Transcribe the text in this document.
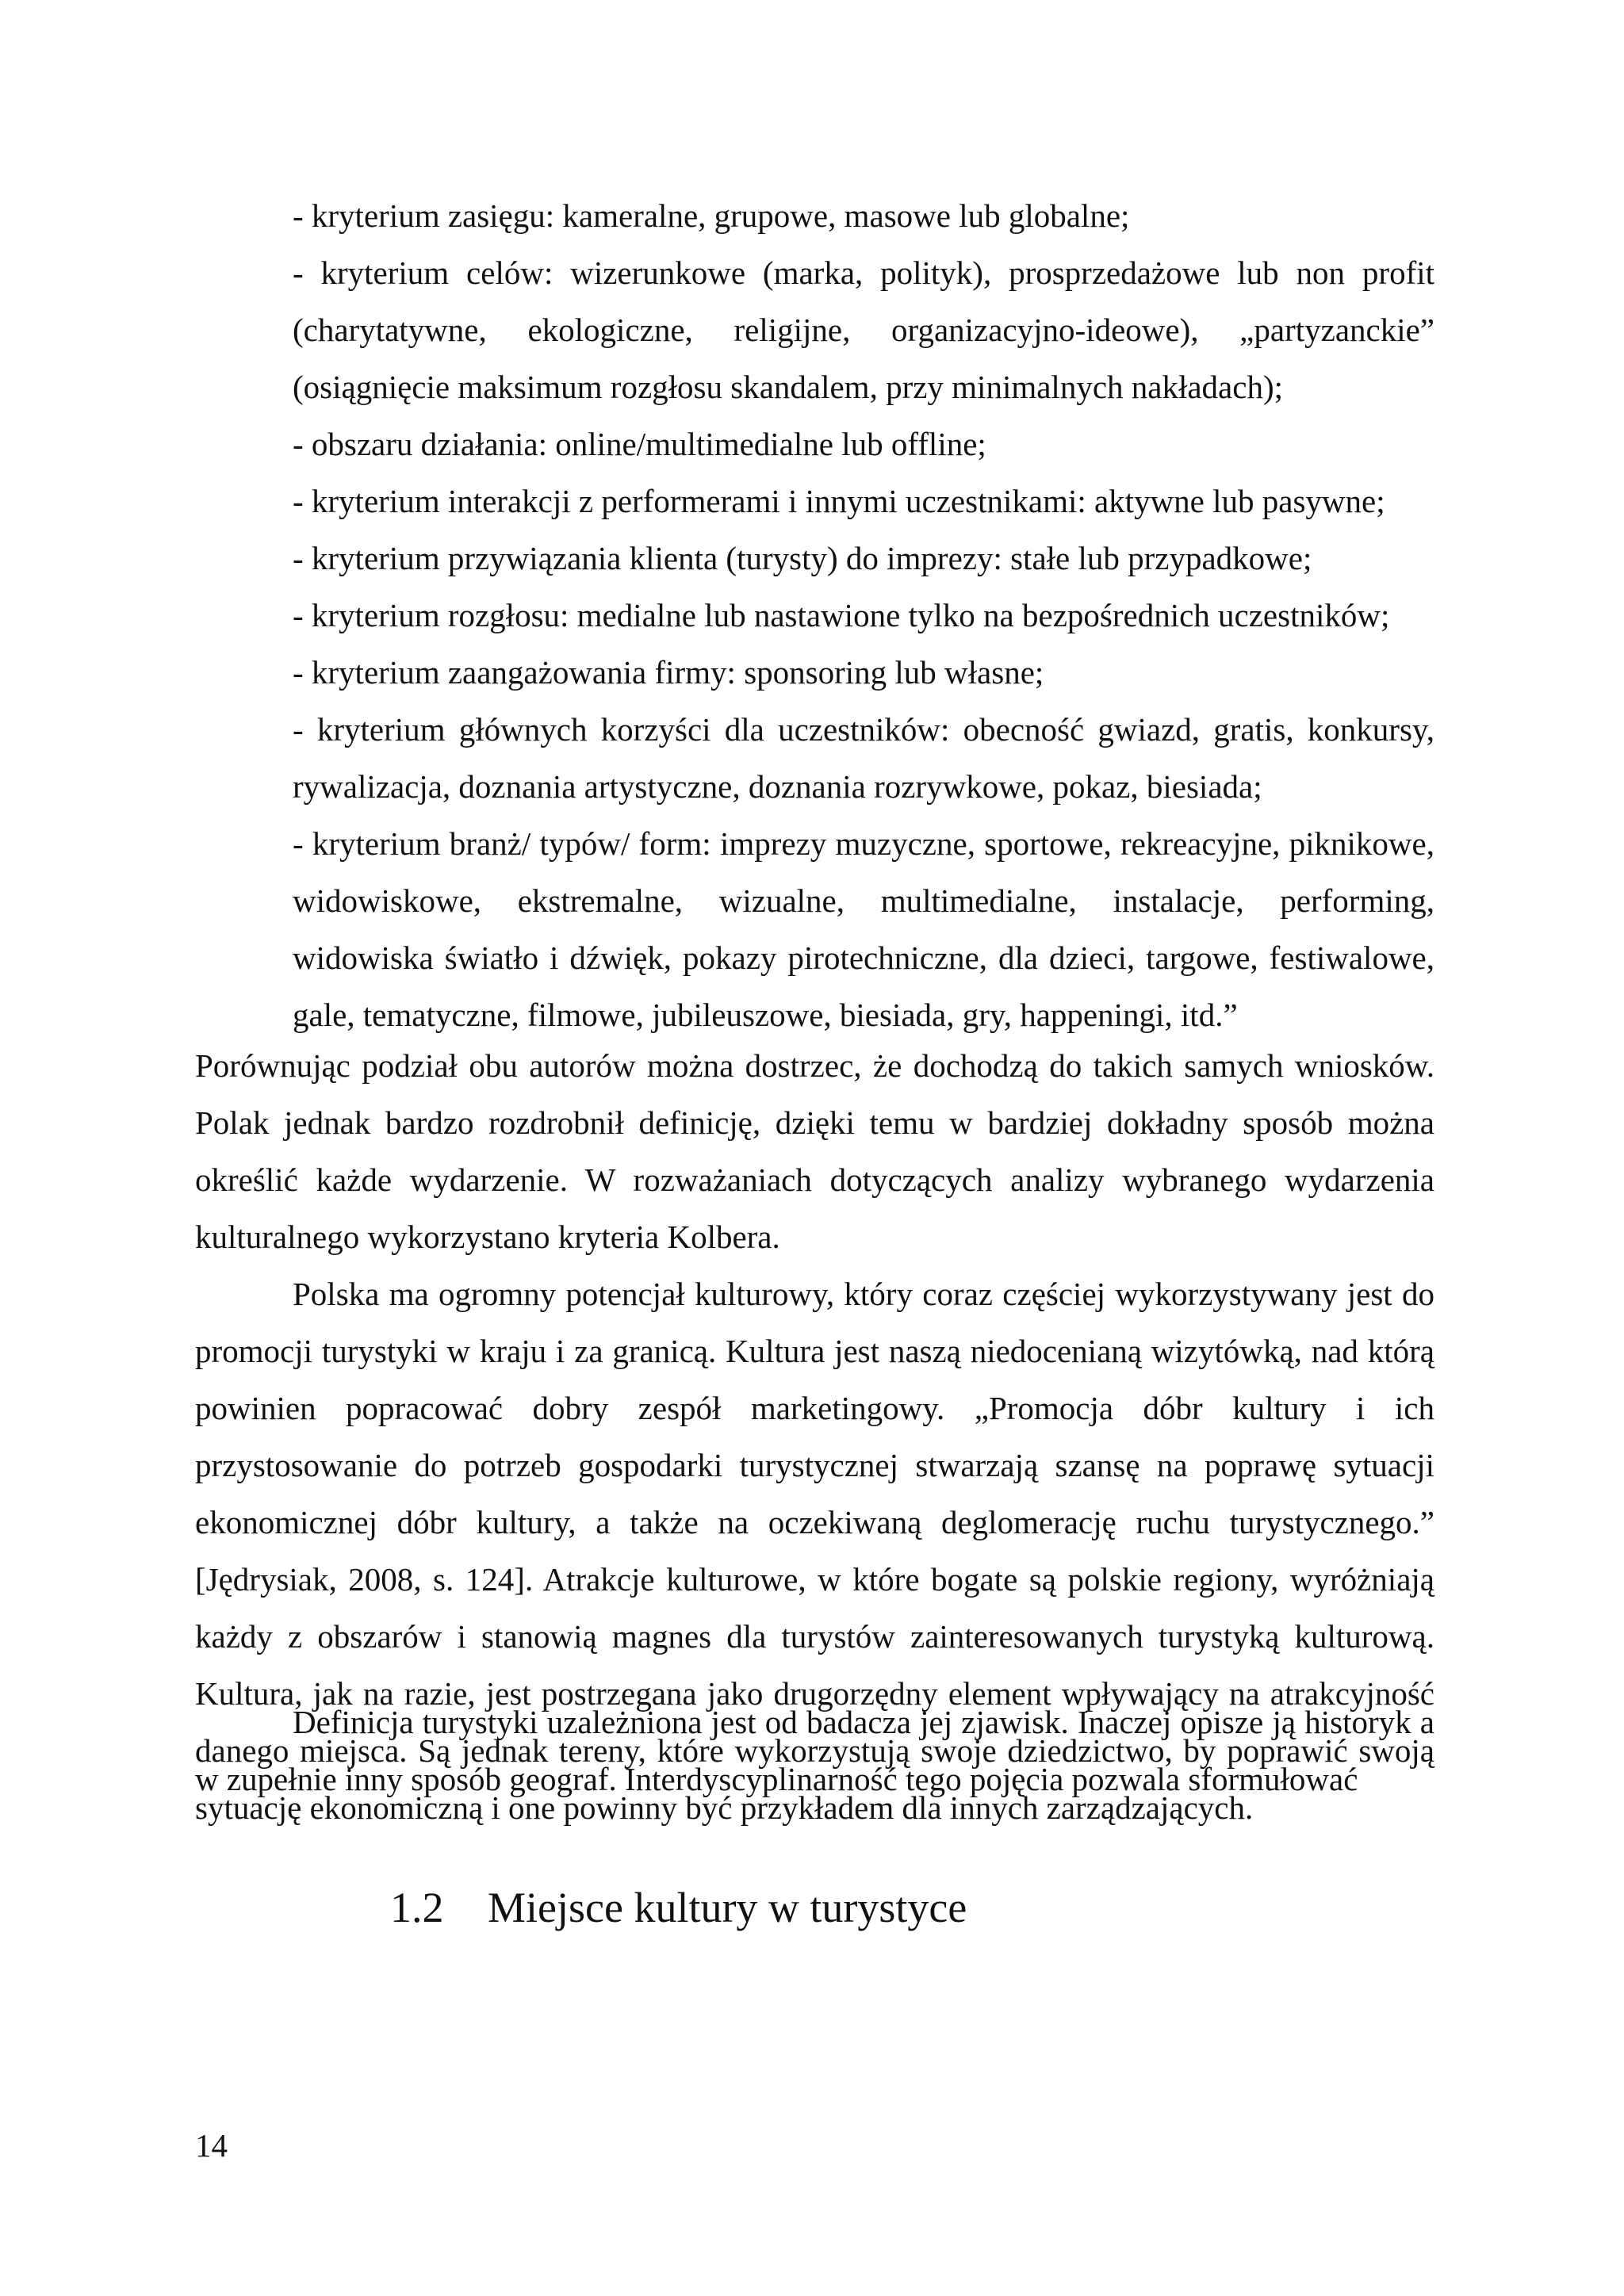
- kryterium zasięgu: kameralne, grupowe, masowe lub globalne;

- kryterium celów: wizerunkowe (marka, polityk), prosprzedażowe lub non profit (charytatywne, ekologiczne, religijne, organizacyjno-ideowe), „partyzanckie” (osiągnięcie maksimum rozgłosu skandalem, przy minimalnych nakładach);

- obszaru działania: online/multimedialne lub offline;

- kryterium interakcji z performerami i innymi uczestnikami: aktywne lub pasywne;

- kryterium przywiązania klienta (turysty) do imprezy: stałe lub przypadkowe;

- kryterium rozgłosu: medialne lub nastawione tylko na bezpośrednich uczestników;

- kryterium zaangażowania firmy: sponsoring lub własne;

- kryterium głównych korzyści dla uczestników: obecność gwiazd, gratis, konkursy, rywalizacja, doznania artystyczne, doznania rozrywkowe, pokaz, biesiada;

- kryterium branż/ typów/ form: imprezy muzyczne, sportowe, rekreacyjne, piknikowe, widowiskowe, ekstremalne, wizualne, multimedialne, instalacje, performing, widowiska światło i dźwięk, pokazy pirotechniczne, dla dzieci, targowe, festiwalowe, gale, tematyczne, filmowe, jubileuszowe, biesiada, gry, happeningi, itd.”

Porównując podział obu autorów można dostrzec, że dochodzą do takich samych wniosków. Polak jednak bardzo rozdrobnił definicję, dzięki temu w bardziej dokładny sposób można określić każde wydarzenie. W rozważaniach dotyczących analizy wybranego wydarzenia kulturalnego wykorzystano kryteria Kolbera.

Polska ma ogromny potencjał kulturowy, który coraz częściej wykorzystywany jest do promocji turystyki w kraju i za granicą. Kultura jest naszą niedocenianą wizytówką, nad którą powinien popracować dobry zespół marketingowy. „Promocja dóbr kultury i ich przystosowanie do potrzeb gospodarki turystycznej stwarzają szansę na poprawę sytuacji ekonomicznej dóbr kultury, a także na oczekiwaną deglomerację ruchu turystycznego.” [Jędrysiak, 2008, s. 124]. Atrakcje kulturowe, w które bogate są polskie regiony, wyróżniają każdy z obszarów i stanowią magnes dla turystów zainteresowanych turystyką kulturową. Kultura, jak na razie, jest postrzegana jako drugorzędny element wpływający na atrakcyjność danego miejsca. Są jednak tereny, które wykorzystują swoje dziedzictwo, by poprawić swoją sytuację ekonomiczną i one powinny być przykładem dla innych zarządzających.

1.2 Miejsce kultury w turystyce

Definicja turystyki uzależniona jest od badacza jej zjawisk. Inaczej opisze ją historyk a w zupełnie inny sposób geograf. Interdyscyplinarność tego pojęcia pozwala sformułować

14
